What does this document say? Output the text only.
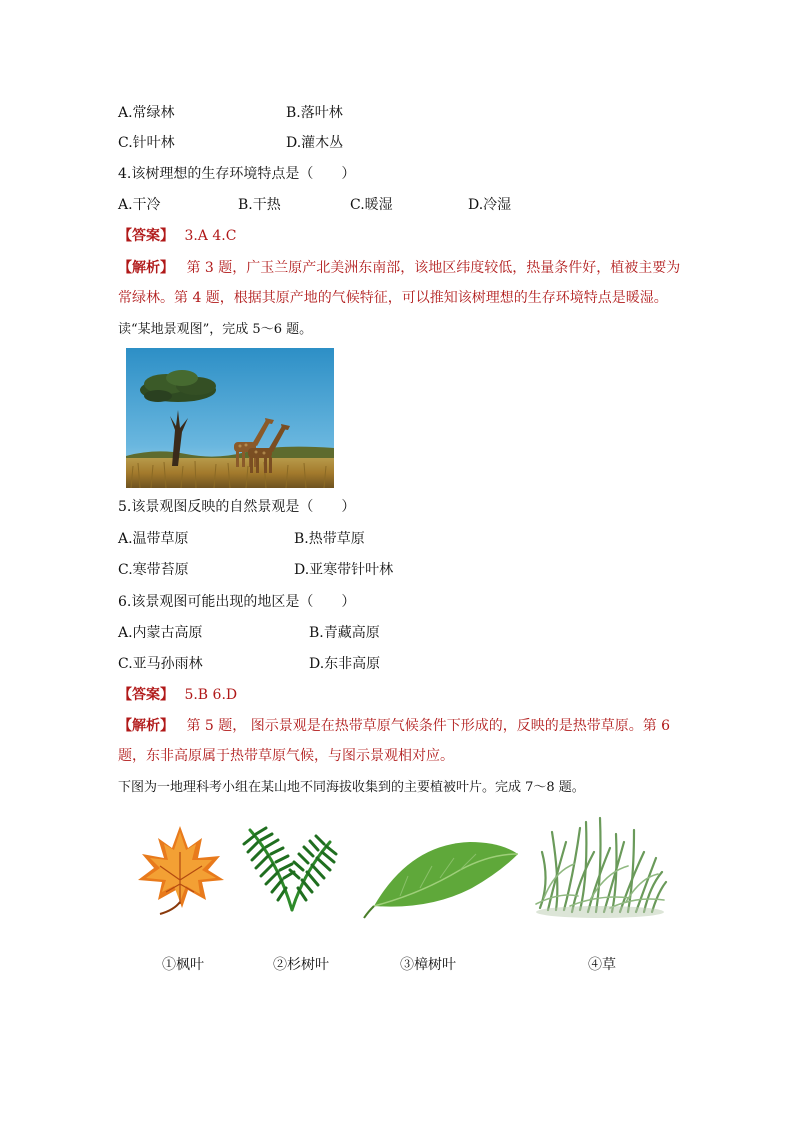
A.常绿林	B.落叶林
C.针叶林	D.灌木丛
4.该树理想的生存环境特点是（　　）
A.干冷	B.干热	C.暖湿	D.冷湿
【答案】 3.A 4.C
【解析】 第 3 题，广玉兰原产北美洲东南部，该地区纬度较低，热量条件好，植被主要为
常绿林。第 4 题，根据其原产地的气候特征，可以推知该树理想的生存环境特点是暖湿。
读“某地景观图”，完成 5～6 题。
5.该景观图反映的自然景观是（　　）
A.温带草原	B.热带草原
C.寒带苔原	D.亚寒带针叶林
6.该景观图可能出现的地区是（　　）
A.内蒙古高原	B.青藏高原
C.亚马孙雨林	D.东非高原
【答案】 5.B 6.D
【解析】 第 5 题， 图示景观是在热带草原气候条件下形成的，反映的是热带草原。第 6
题，东非高原属于热带草原气候，与图示景观相对应。
下图为一地理科考小组在某山地不同海拔收集到的主要植被叶片。完成 7～8 题。
①枫叶	②杉树叶	③樟树叶	④草
